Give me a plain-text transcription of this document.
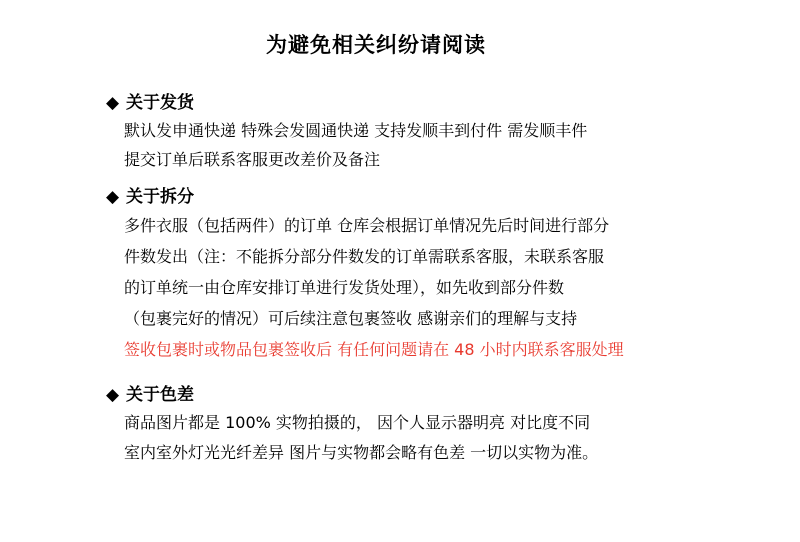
为避免相关纠纷请阅读
◆ 关于发货
默认发申通快递 特殊会发圆通快递 支持发顺丰到付件 需发顺丰件
提交订单后联系客服更改差价及备注
◆ 关于拆分
多件衣服（包括两件）的订单 仓库会根据订单情况先后时间进行部分
件数发出（注：不能拆分部分件数发的订单需联系客服，未联系客服
的订单统一由仓库安排订单进行发货处理），如先收到部分件数
（包裹完好的情况）可后续注意包裹签收 感谢亲们的理解与支持
签收包裹时或物品包裹签收后 有任何问题请在 48 小时内联系客服处理
◆ 关于色差
商品图片都是 100% 实物拍摄的， 因个人显示器明亮 对比度不同
室内室外灯光光纤差异 图片与实物都会略有色差 一切以实物为准。
